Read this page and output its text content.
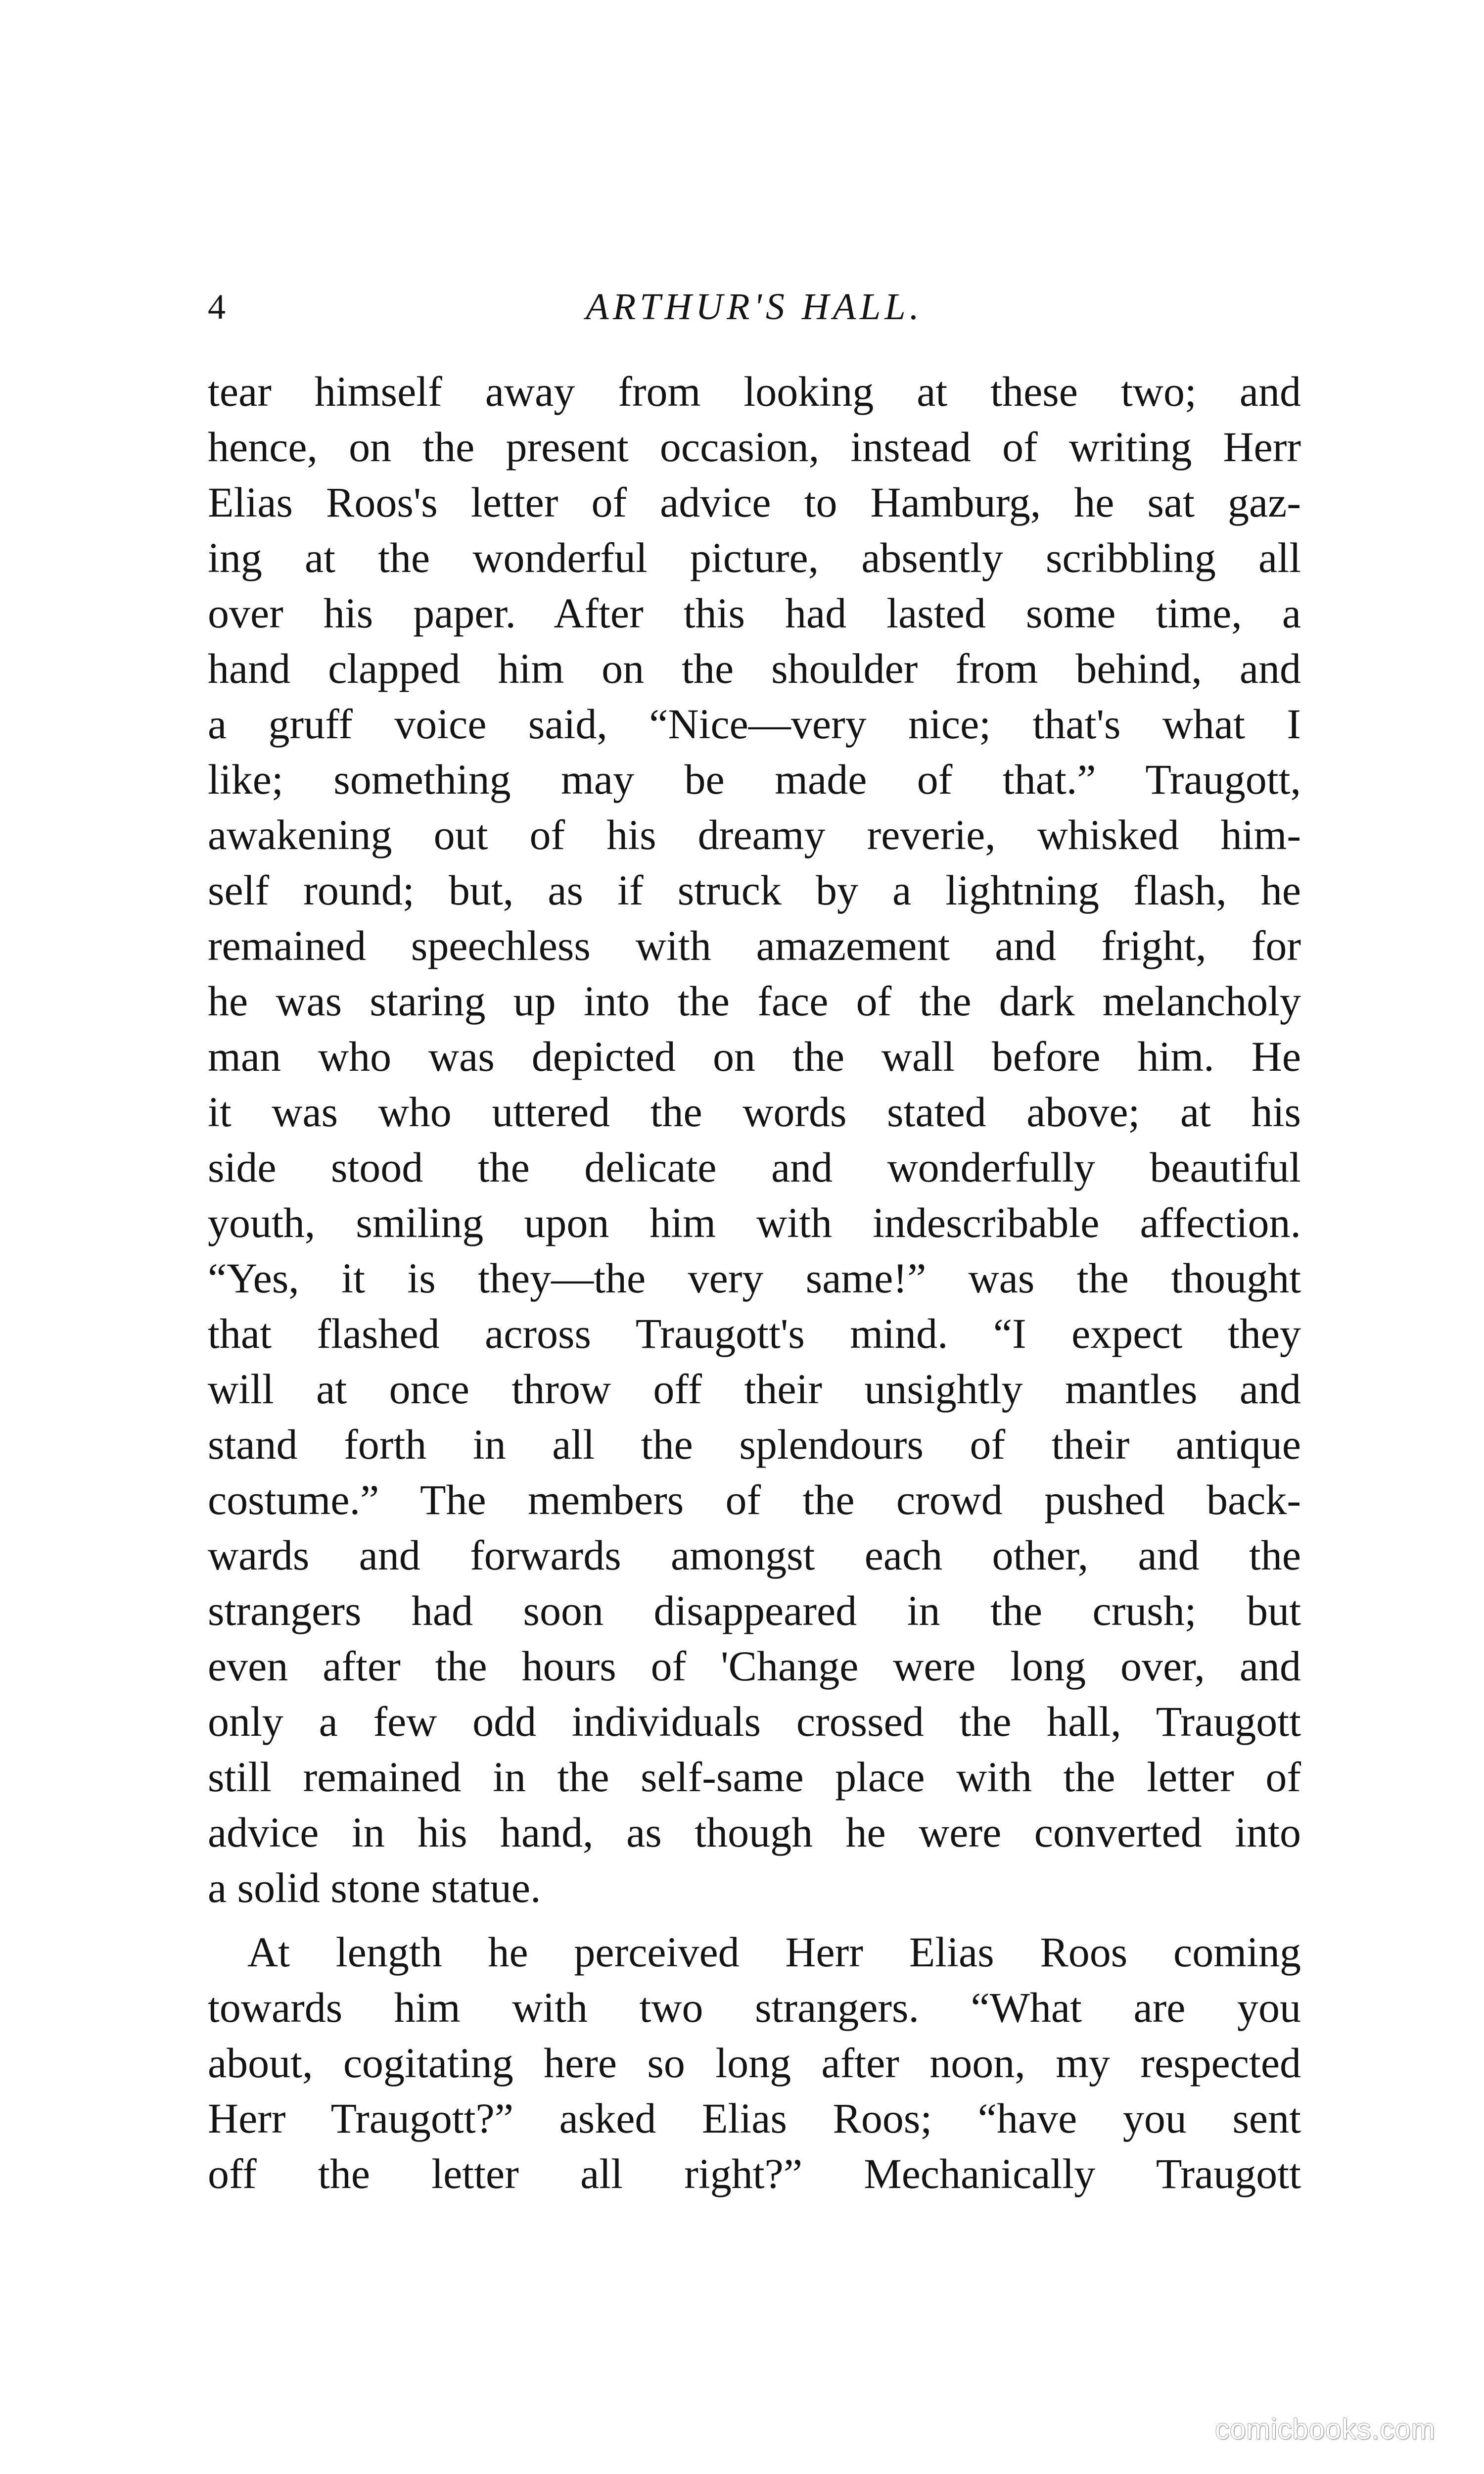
4	ARTHUR'S HALL.
tear himself away from looking at these two; and
hence, on the present occasion, instead of writing Herr
Elias Roos's letter of advice to Hamburg, he sat gaz-
ing at the wonderful picture, absently scribbling all
over his paper. After this had lasted some time, a
hand clapped him on the shoulder from behind, and
a gruff voice said, “Nice—very nice; that's what I
like; something may be made of that.” Traugott,
awakening out of his dreamy reverie, whisked him-
self round; but, as if struck by a lightning flash, he
remained speechless with amazement and fright, for
he was staring up into the face of the dark melancholy
man who was depicted on the wall before him. He
it was who uttered the words stated above; at his
side stood the delicate and wonderfully beautiful
youth, smiling upon him with indescribable affection.
“Yes, it is they—the very same!” was the thought
that flashed across Traugott's mind. “I expect they
will at once throw off their unsightly mantles and
stand forth in all the splendours of their antique
costume.” The members of the crowd pushed back-
wards and forwards amongst each other, and the
strangers had soon disappeared in the crush; but
even after the hours of 'Change were long over, and
only a few odd individuals crossed the hall, Traugott
still remained in the self-same place with the letter of
advice in his hand, as though he were converted into
a solid stone statue.
At length he perceived Herr Elias Roos coming
towards him with two strangers. “What are you
about, cogitating here so long after noon, my respected
Herr Traugott?” asked Elias Roos; “have you sent
off the letter all right?” Mechanically Traugott
comicbooks.com
